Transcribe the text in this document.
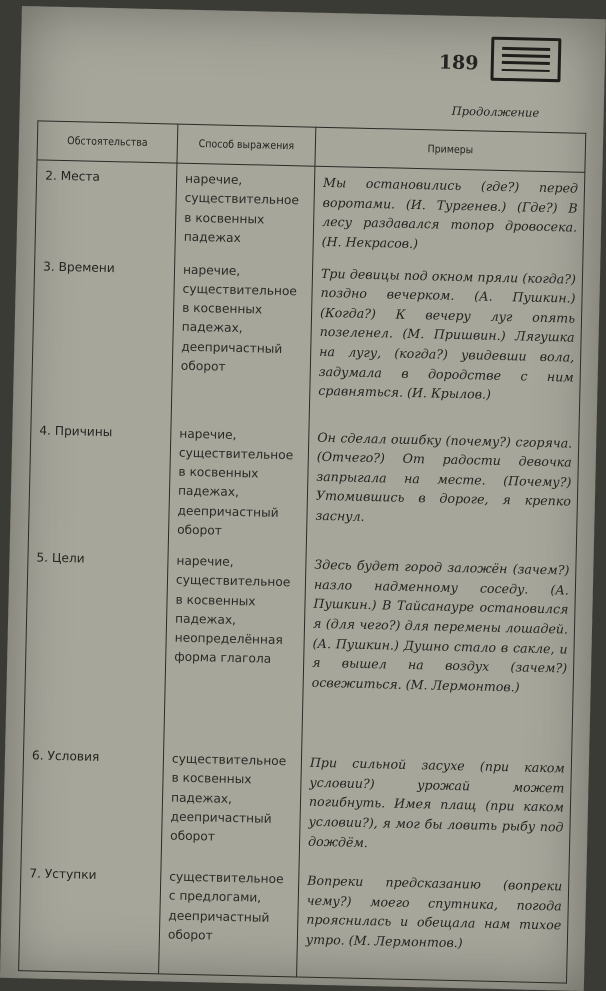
189
Продолжение
Обстоятельства	Способ выражения	Примеры
2. Места	наречие, существительное в косвенных падежах	Мы остановились (где?) перед воротами. (И. Тургенев.) (Где?) В лесу раздавался топор дровосека. (Н. Некрасов.)
3. Времени	наречие, существительное в косвенных падежах, деепричастный оборот	Три девицы под окном пряли (когда?) поздно вечерком. (А. Пушкин.) (Когда?) К вечеру луг опять позеленел. (М. Пришвин.) Лягушка на лугу, (когда?) увидевши вола, задумала в дородстве с ним сравняться. (И. Крылов.)
4. Причины	наречие, существительное в косвенных падежах, деепричастный оборот	Он сделал ошибку (почему?) сгоряча. (Отчего?) От радости девочка запрыгала на месте. (Почему?) Утомившись в дороге, я крепко заснул.
5. Цели	наречие, существительное в косвенных падежах, неопределённая форма глагола	Здесь будет город заложён (зачем?) назло надменному соседу. (А. Пушкин.) В Тайсанауре остановился я (для чего?) для перемены лошадей. (А. Пушкин.) Душно стало в сакле, и я вышел на воздух (зачем?) освежиться. (М. Лермонтов.)
6. Условия	существительное в косвенных падежах, деепричастный оборот	При сильной засухе (при каком условии?) урожай может погибнуть. Имея плащ (при каком условии?), я мог бы ловить рыбу под дождём.
7. Уступки	существительное с предлогами, деепричастный оборот	Вопреки предсказанию (вопреки чему?) моего спутника, погода прояснилась и обещала нам тихое утро. (М. Лермонтов.)
